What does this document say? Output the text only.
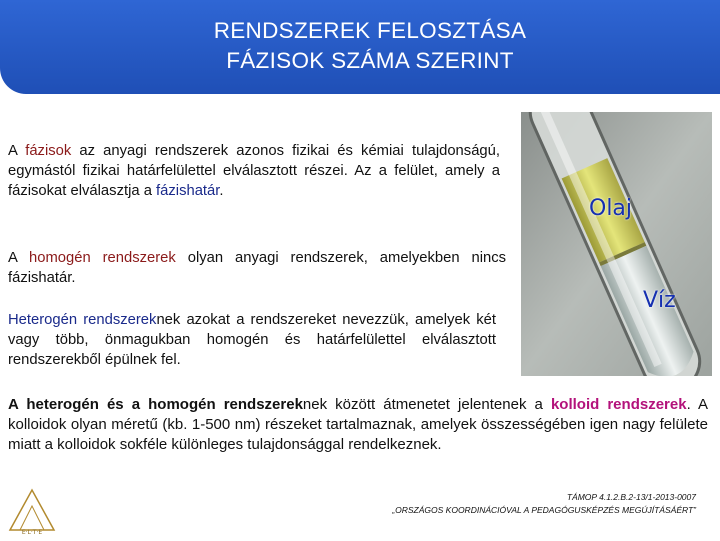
RENDSZEREK FELOSZTÁSA
FÁZISOK SZÁMA SZERINT
A fázisok az anyagi rendszerek azonos fizikai és kémiai tulajdonságú, egymástól fizikai határfelülettel elválasztott részei. Az a felület, amely a fázisokat elválasztja a fázishatár.
A homogén rendszerek olyan anyagi rendszerek, amelyekben nincs fázishatár.
Heterogén rendszereknek azokat a rendszereket nevezzük, amelyek két vagy több, önmagukban homogén és határfelülettel elválasztott rendszerekből épülnek fel.
A heterogén és a homogén rendszereknek között átmenetet jelentenek a kolloid rendszerek. A kolloidok olyan méretű (kb. 1-500 nm) részeket tartalmaznak, amelyek összességében igen nagy felülete miatt a kolloidok sokféle különleges tulajdonsággal rendelkeznek.
Olaj
Víz
E·L·T·E
TÁMOP 4.1.2.B.2-13/1-2013-0007
„ORSZÁGOS KOORDINÁCIÓVAL A PEDAGÓGUSKÉPZÉS MEGÚJÍTÁSÁÉRT”
